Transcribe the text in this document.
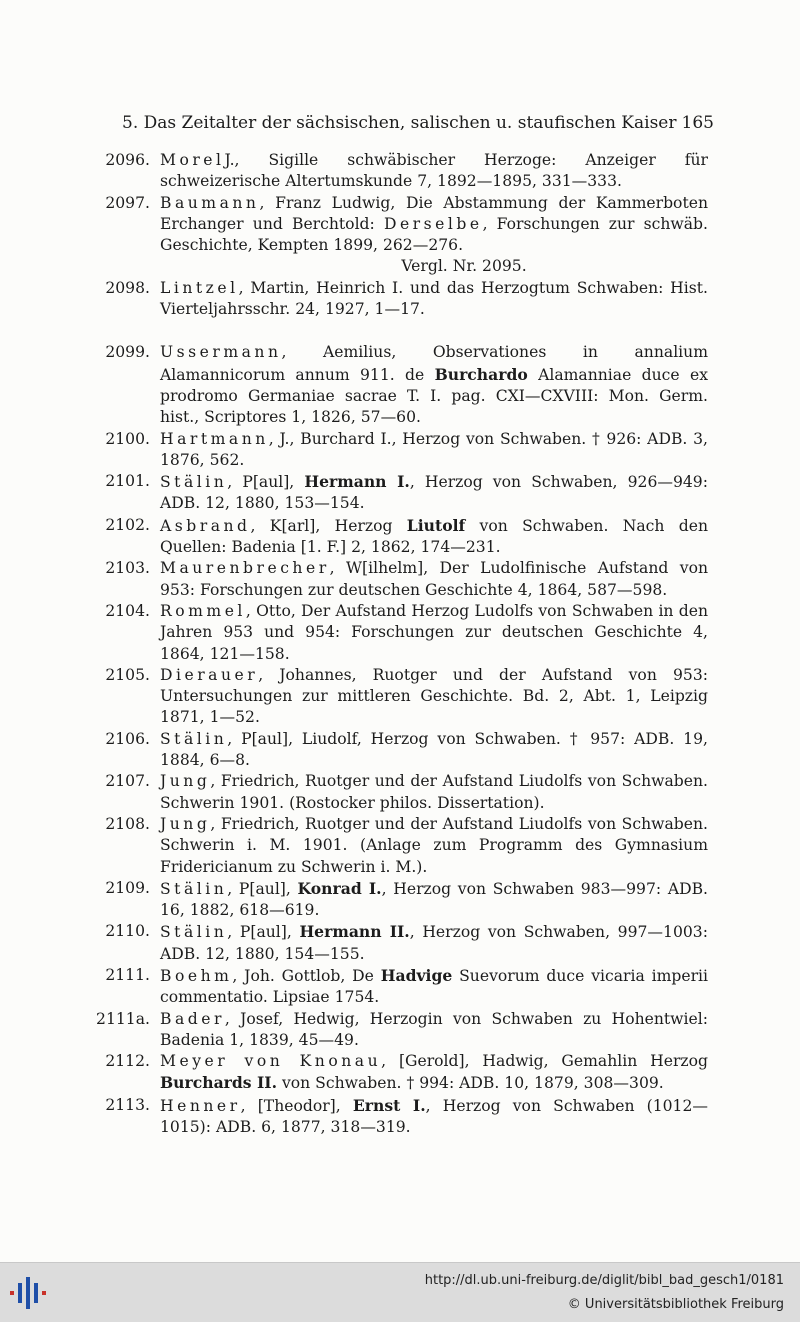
5. Das Zeitalter der sächsischen, salischen u. staufischen Kaiser 165
2096. MorelJ., Sigille schwäbischer Herzoge: Anzeiger für schweizerische Altertumskunde 7, 1892—1895, 331—333.
2097. Baumann, Franz Ludwig, Die Abstammung der Kammerboten Erchanger und Berchtold: Derselbe, Forschungen zur schwäb. Geschichte, Kempten 1899, 262—276.
Vergl. Nr. 2095.
2098. Lintzel, Martin, Heinrich I. und das Herzogtum Schwaben: Hist. Vierteljahrsschr. 24, 1927, 1—17.
2099. Ussermann, Aemilius, Observationes in annalium Alamannicorum annum 911. de Burchardo Alamanniae duce ex prodromo Germaniae sacrae T. I. pag. CXI—CXVIII: Mon. Germ. hist., Scriptores 1, 1826, 57—60.
2100. Hartmann, J., Burchard I., Herzog von Schwaben. † 926: ADB. 3, 1876, 562.
2101. Stälin, P[aul], Hermann I., Herzog von Schwaben, 926—949: ADB. 12, 1880, 153—154.
2102. Asbrand, K[arl], Herzog Liutolf von Schwaben. Nach den Quellen: Badenia [1. F.] 2, 1862, 174—231.
2103. Maurenbrecher, W[ilhelm], Der Ludolfinische Aufstand von 953: Forschungen zur deutschen Geschichte 4, 1864, 587—598.
2104. Rommel, Otto, Der Aufstand Herzog Ludolfs von Schwaben in den Jahren 953 und 954: Forschungen zur deutschen Geschichte 4, 1864, 121—158.
2105. Dierauer, Johannes, Ruotger und der Aufstand von 953: Untersuchungen zur mittleren Geschichte. Bd. 2, Abt. 1, Leipzig 1871, 1—52.
2106. Stälin, P[aul], Liudolf, Herzog von Schwaben. † 957: ADB. 19, 1884, 6—8.
2107. Jung, Friedrich, Ruotger und der Aufstand Liudolfs von Schwaben. Schwerin 1901. (Rostocker philos. Dissertation).
2108. Jung, Friedrich, Ruotger und der Aufstand Liudolfs von Schwaben. Schwerin i. M. 1901. (Anlage zum Programm des Gymnasium Fridericianum zu Schwerin i. M.).
2109. Stälin, P[aul], Konrad I., Herzog von Schwaben 983—997: ADB. 16, 1882, 618—619.
2110. Stälin, P[aul], Hermann II., Herzog von Schwaben, 997—1003: ADB. 12, 1880, 154—155.
2111. Boehm, Joh. Gottlob, De Hadvige Suevorum duce vicaria imperii commentatio. Lipsiae 1754.
2111a. Bader, Josef, Hedwig, Herzogin von Schwaben zu Hohentwiel: Badenia 1, 1839, 45—49.
2112. Meyer von Knonau, [Gerold], Hadwig, Gemahlin Herzog Burchards II. von Schwaben. † 994: ADB. 10, 1879, 308—309.
2113. Henner, [Theodor], Ernst I., Herzog von Schwaben (1012—1015): ADB. 6, 1877, 318—319.
http://dl.ub.uni-freiburg.de/diglit/bibl_bad_gesch1/0181
© Universitätsbibliothek Freiburg
